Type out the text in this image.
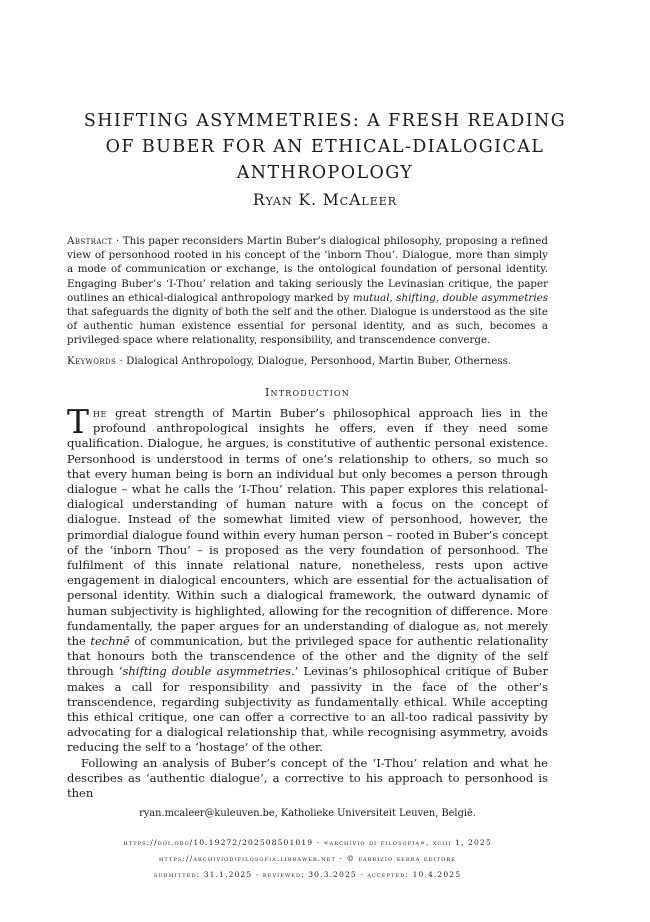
SHIFTING ASYMMETRIES: A FRESH READING OF BUBER FOR AN ETHICAL-DIALOGICAL ANTHROPOLOGY
Ryan K. McAleer

Abstract · This paper reconsiders Martin Buber’s dialogical philosophy, proposing a refined view of personhood rooted in his concept of the ‘inborn Thou’. Dialogue, more than simply a mode of communication or exchange, is the ontological foundation of personal identity. Engaging Buber’s ‘I-Thou’ relation and taking seriously the Levinasian critique, the paper outlines an ethical-dialogical anthropology marked by mutual, shifting, double asymmetries that safeguards the dignity of both the self and the other. Dialogue is understood as the site of authentic human existence essential for personal identity, and as such, becomes a privileged space where relationality, responsibility, and transcendence converge.

Keywords · Dialogical Anthropology, Dialogue, Personhood, Martin Buber, Otherness.

Introduction

The great strength of Martin Buber’s philosophical approach lies in the profound anthropological insights he offers, even if they need some qualification. Dialogue, he argues, is constitutive of authentic personal existence. Personhood is understood in terms of one’s relationship to others, so much so that every human being is born an individual but only becomes a person through dialogue – what he calls the ‘I-Thou’ relation. This paper explores this relational-dialogical understanding of human nature with a focus on the concept of dialogue. Instead of the somewhat limited view of personhood, however, the primordial dialogue found within every human person – rooted in Buber’s concept of the ‘inborn Thou’ – is proposed as the very foundation of personhood. The fulfilment of this innate relational nature, nonetheless, rests upon active engagement in dialogical encounters, which are essential for the actualisation of personal identity. Within such a dialogical framework, the outward dynamic of human subjectivity is highlighted, allowing for the recognition of difference. More fundamentally, the paper argues for an understanding of dialogue as, not merely the technē of communication, but the privileged space for authentic relationality that honours both the transcendence of the other and the dignity of the self through ‘shifting double asymmetries.’ Levinas’s philosophical critique of Buber makes a call for responsibility and passivity in the face of the other’s transcendence, regarding subjectivity as fundamentally ethical. While accepting this ethical critique, one can offer a corrective to an all-too radical passivity by advocating for a dialogical relationship that, while recognising asymmetry, avoids reducing the self to a ‘hostage’ of the other.

Following an analysis of Buber’s concept of the ‘I-Thou’ relation and what he describes as ‘authentic dialogue’, a corrective to his approach to personhood is then

ryan.mcaleer@kuleuven.be, Katholieke Universiteit Leuven, België.

https://doi.org/10.19272/202508501019 · «archivio di filosofia», xciii 1, 2025

https://archiviodifilosofia.libraweb.net · © fabrizio serra editore

submitted: 31.1.2025 · reviewed: 30.3.2025 · accepted: 10.4.2025
